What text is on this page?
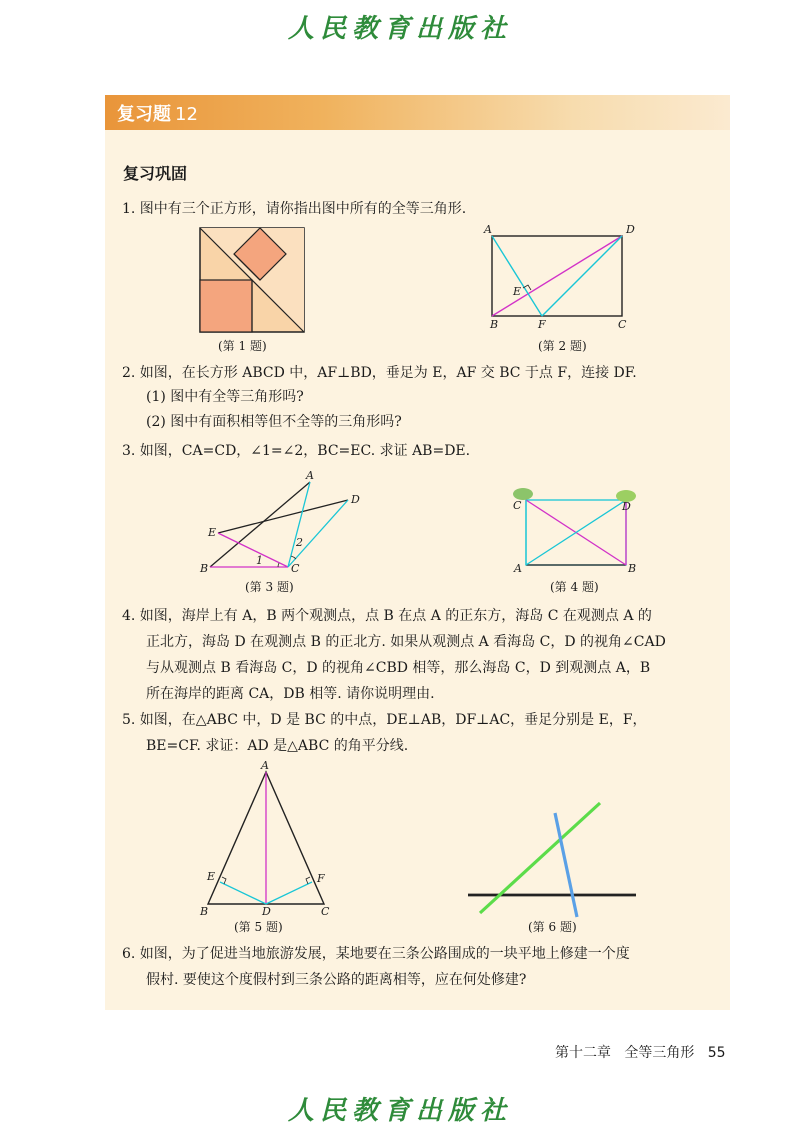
人民教育出版社
复习题 12
复习巩固
1. 图中有三个正方形，请你指出图中所有的全等三角形.
(第 1 题)
A	D
B	F	C
E
(第 2 题)
2. 如图，在长方形 ABCD 中，AF⊥BD，垂足为 E，AF 交 BC 于点 F，连接 DF.
(1) 图中有全等三角形吗?
(2) 图中有面积相等但不全等的三角形吗?
3. 如图，CA=CD，∠1=∠2，BC=EC. 求证 AB=DE.
A
D
E
B	C
1
2
(第 3 题)
C	D
A	B
(第 4 题)
4. 如图，海岸上有 A，B 两个观测点，点 B 在点 A 的正东方，海岛 C 在观测点 A 的
正北方，海岛 D 在观测点 B 的正北方. 如果从观测点 A 看海岛 C，D 的视角∠CAD
与从观测点 B 看海岛 C，D 的视角∠CBD 相等，那么海岛 C，D 到观测点 A，B
所在海岸的距离 CA，DB 相等. 请你说明理由.
5. 如图，在△ABC 中，D 是 BC 的中点，DE⊥AB，DF⊥AC，垂足分别是 E，F，
BE=CF. 求证：AD 是△ABC 的角平分线.
A
E	F
B	D	C
(第 5 题)	(第 6 题)
6. 如图，为了促进当地旅游发展，某地要在三条公路围成的一块平地上修建一个度
假村. 要使这个度假村到三条公路的距离相等，应在何处修建?
第十二章 全等三角形 55
人民教育出版社
